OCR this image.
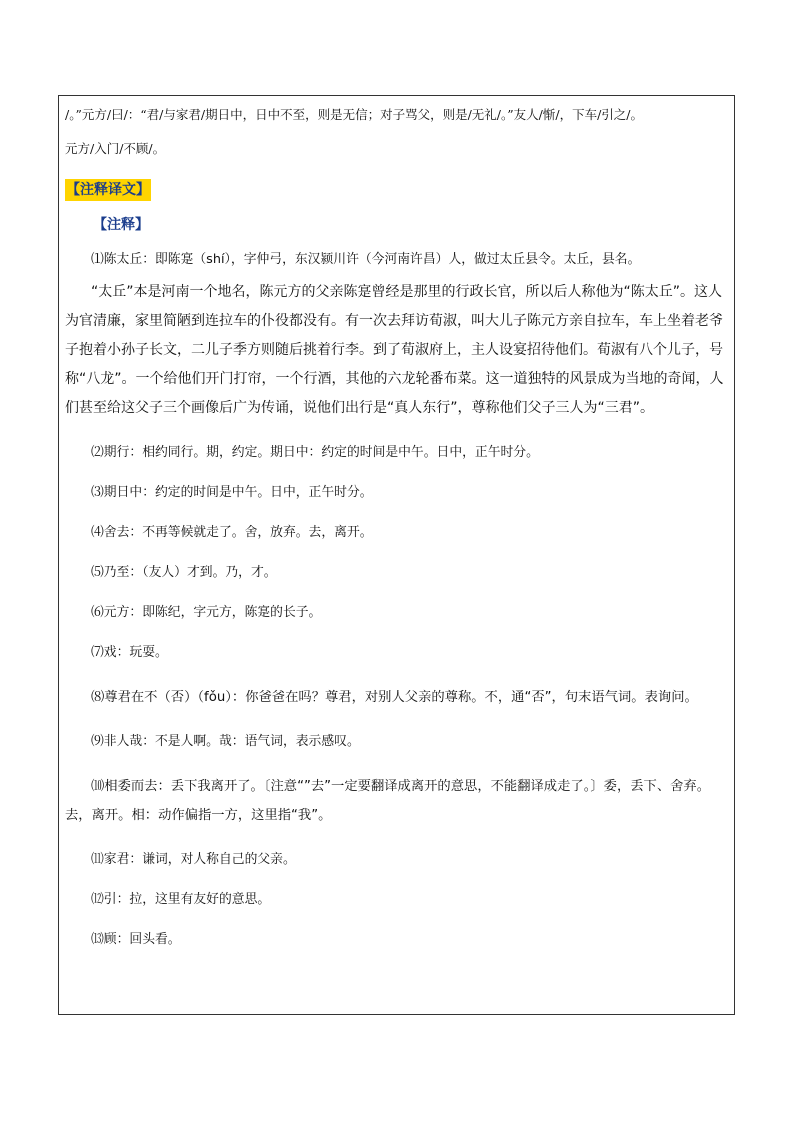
/。”元方/曰/：“君/与家君/期日中，日中不至，则是无信；对子骂父，则是/无礼/。”友人/惭/，下车/引之/。
元方/入门/不顾/。
【注释译文】
【注释】
⑴陈太丘：即陈寔（shí），字仲弓，东汉颍川许（今河南许昌）人，做过太丘县令。太丘，县名。
“太丘”本是河南一个地名，陈元方的父亲陈寔曾经是那里的行政长官，所以后人称他为“陈太丘”。这人为官清廉，家里简陋到连拉车的仆役都没有。有一次去拜访荀淑，叫大儿子陈元方亲自拉车，车上坐着老爷子抱着小孙子长文，二儿子季方则随后挑着行李。到了荀淑府上，主人设宴招待他们。荀淑有八个儿子，号称“八龙”。一个给他们开门打帘，一个行酒，其他的六龙轮番布菜。这一道独特的风景成为当地的奇闻，人们甚至给这父子三个画像后广为传诵，说他们出行是“真人东行”，尊称他们父子三人为“三君”。
⑵期行：相约同行。期，约定。期日中：约定的时间是中午。日中，正午时分。
⑶期日中：约定的时间是中午。日中，正午时分。
⑷舍去：不再等候就走了。舍，放弃。去，离开。
⑸乃至：（友人）才到。乃，才。
⑹元方：即陈纪，字元方，陈寔的长子。
⑺戏：玩耍。
⑻尊君在不（否）（fǒu）：你爸爸在吗？尊君，对别人父亲的尊称。不，通“否”，句末语气词。表询问。
⑼非人哉：不是人啊。哉：语气词，表示感叹。
⑽相委而去：丢下我离开了。〔注意“”去”一定要翻译成离开的意思，不能翻译成走了。〕委，丢下、舍弃。去，离开。相：动作偏指一方，这里指“我”。
⑾家君：谦词，对人称自己的父亲。
⑿引：拉，这里有友好的意思。
⒀顾：回头看。
